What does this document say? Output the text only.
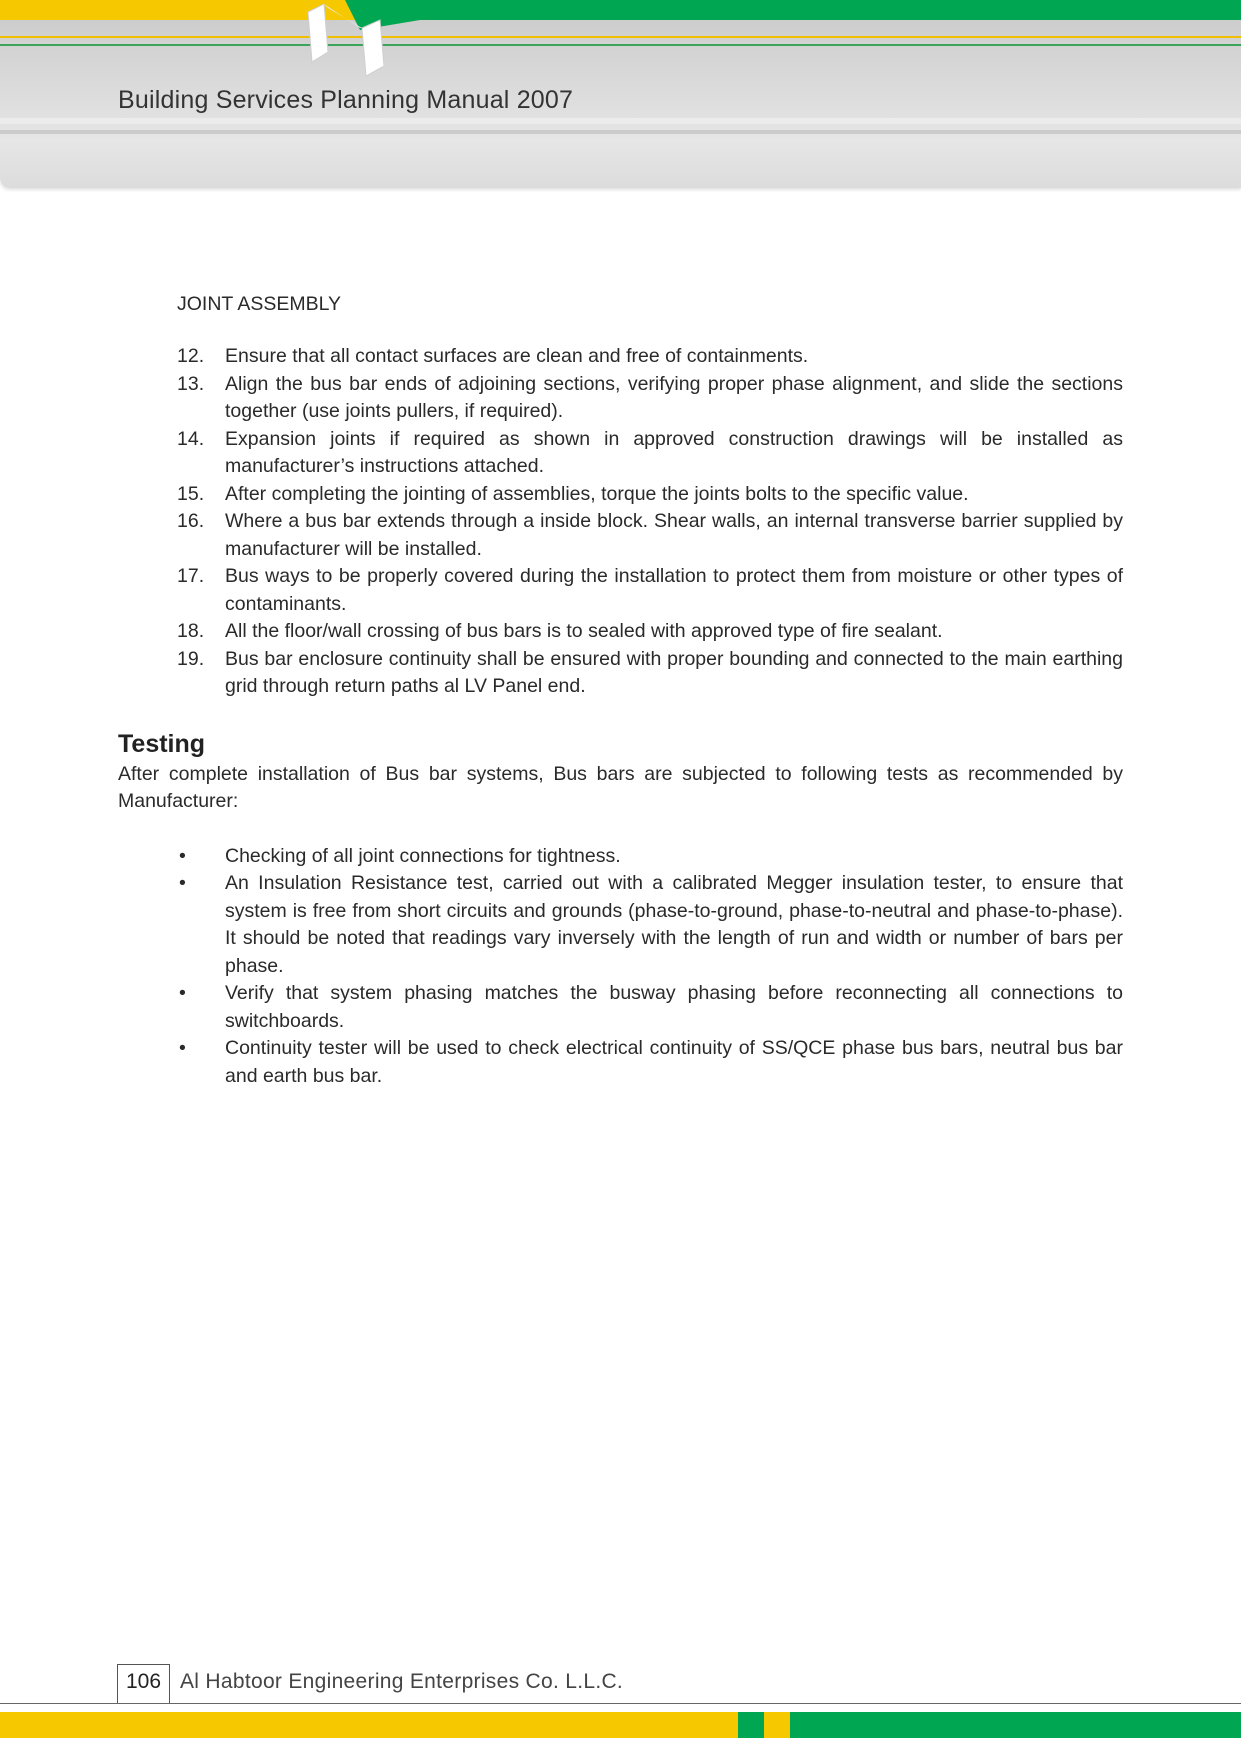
Building Services Planning Manual 2007
JOINT ASSEMBLY
12. Ensure that all contact surfaces are clean and free of containments.
13. Align the bus bar ends of adjoining sections, verifying proper phase alignment, and slide the sections together (use joints pullers, if required).
14. Expansion joints if required as shown in approved construction drawings will be installed as manufacturer’s instructions attached.
15. After completing the jointing of assemblies, torque the joints bolts to the specific value.
16. Where a bus bar extends through a inside block. Shear walls, an internal transverse barrier supplied by manufacturer will be installed.
17. Bus ways to be properly covered during the installation to protect them from moisture or other types of contaminants.
18. All the floor/wall crossing of bus bars is to sealed with approved type of fire sealant.
19. Bus bar enclosure continuity shall be ensured with proper bounding and connected to the main earthing grid through return paths al LV Panel end.
Testing

After complete installation of Bus bar systems, Bus bars are subjected to following tests as recommended by Manufacturer:

• Checking of all joint connections for tightness.
• An Insulation Resistance test, carried out with a calibrated Megger insulation tester, to ensure that system is free from short circuits and grounds (phase-to-ground, phase-to-neutral and phase-to-phase). It should be noted that readings vary inversely with the length of run and width or number of bars per phase.
• Verify that system phasing matches the busway phasing before reconnecting all connections to switchboards.
• Continuity tester will be used to check electrical continuity of SS/QCE phase bus bars, neutral bus bar and earth bus bar.
106 Al Habtoor Engineering Enterprises Co. L.L.C.
